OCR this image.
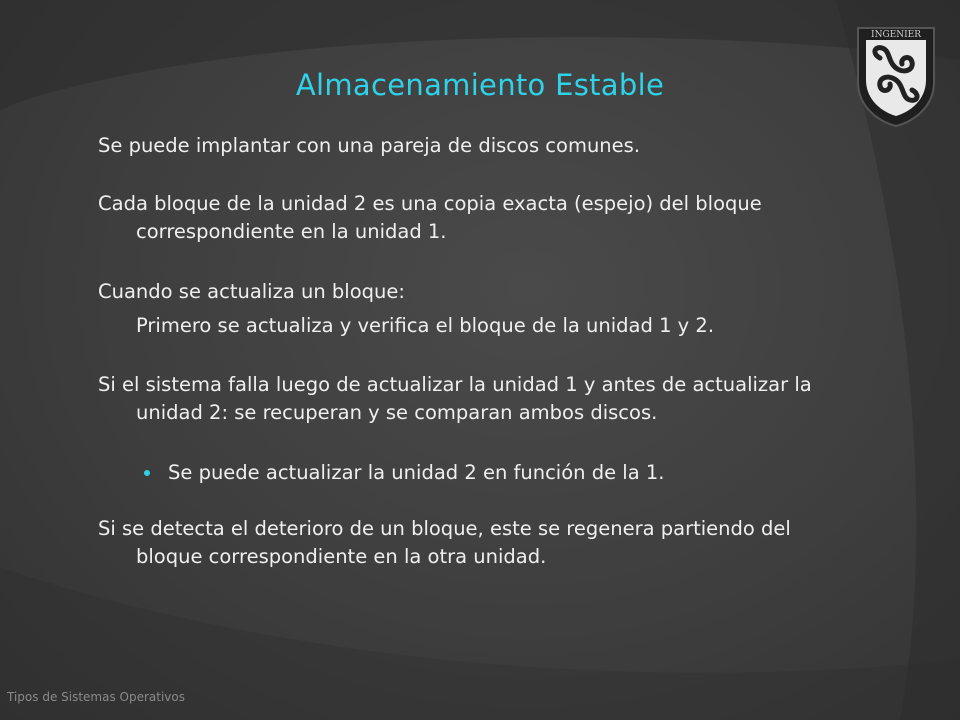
Almacenamiento Estable

Se puede implantar con una pareja de discos comunes.

Cada bloque de la unidad 2 es una copia exacta (espejo) del bloque correspondiente en la unidad 1.

Cuando se actualiza un bloque:

Primero se actualiza y verifica el bloque de la unidad 1 y 2.

Si el sistema falla luego de actualizar la unidad 1 y antes de actualizar la unidad 2: se recuperan y se comparan ambos discos.

Se puede actualizar la unidad 2 en función de la 1.

Si se detecta el deterioro de un bloque, este se regenera partiendo del bloque correspondiente en la otra unidad.

INGENIER
Tipos de Sistemas Operativos
